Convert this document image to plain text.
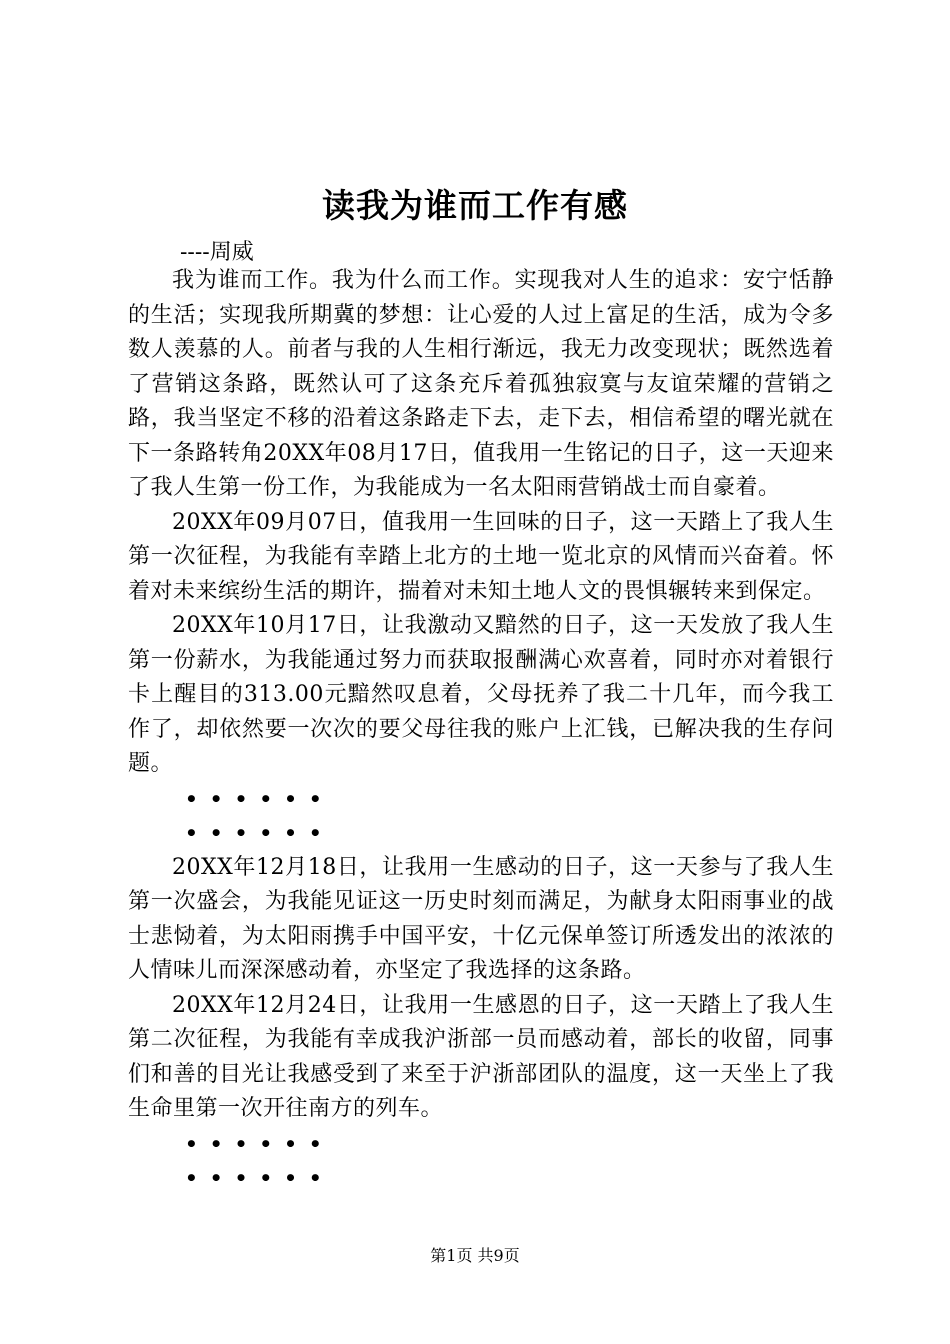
读我为谁而工作有感
----周威

我为谁而工作。我为什么而工作。实现我对人生的追求：安宁恬静的生活；实现我所期冀的梦想：让心爱的人过上富足的生活，成为令多数人羡慕的人。前者与我的人生相行渐远，我无力改变现状；既然选着了营销这条路，既然认可了这条充斥着孤独寂寞与友谊荣耀的营销之路，我当坚定不移的沿着这条路走下去，走下去，相信希望的曙光就在下一条路转角20XX年08月17日，值我用一生铭记的日子，这一天迎来了我人生第一份工作，为我能成为一名太阳雨营销战士而自豪着。

20XX年09月07日，值我用一生回味的日子，这一天踏上了我人生第一次征程，为我能有幸踏上北方的土地一览北京的风情而兴奋着。怀着对未来缤纷生活的期许，揣着对未知土地人文的畏惧辗转来到保定。

20XX年10月17日，让我激动又黯然的日子，这一天发放了我人生第一份薪水，为我能通过努力而获取报酬满心欢喜着，同时亦对着银行卡上醒目的313.00元黯然叹息着，父母抚养了我二十几年，而今我工作了，却依然要一次次的要父母往我的账户上汇钱，已解决我的生存问题。

••••••
••••••

20XX年12月18日，让我用一生感动的日子，这一天参与了我人生第一次盛会，为我能见证这一历史时刻而满足，为献身太阳雨事业的战士悲恸着，为太阳雨携手中国平安，十亿元保单签订所透发出的浓浓的人情味儿而深深感动着，亦坚定了我选择的这条路。

20XX年12月24日，让我用一生感恩的日子，这一天踏上了我人生第二次征程，为我能有幸成我沪浙部一员而感动着，部长的收留，同事们和善的目光让我感受到了来至于沪浙部团队的温度，这一天坐上了我生命里第一次开往南方的列车。

••••••
••••••
第1页 共9页
